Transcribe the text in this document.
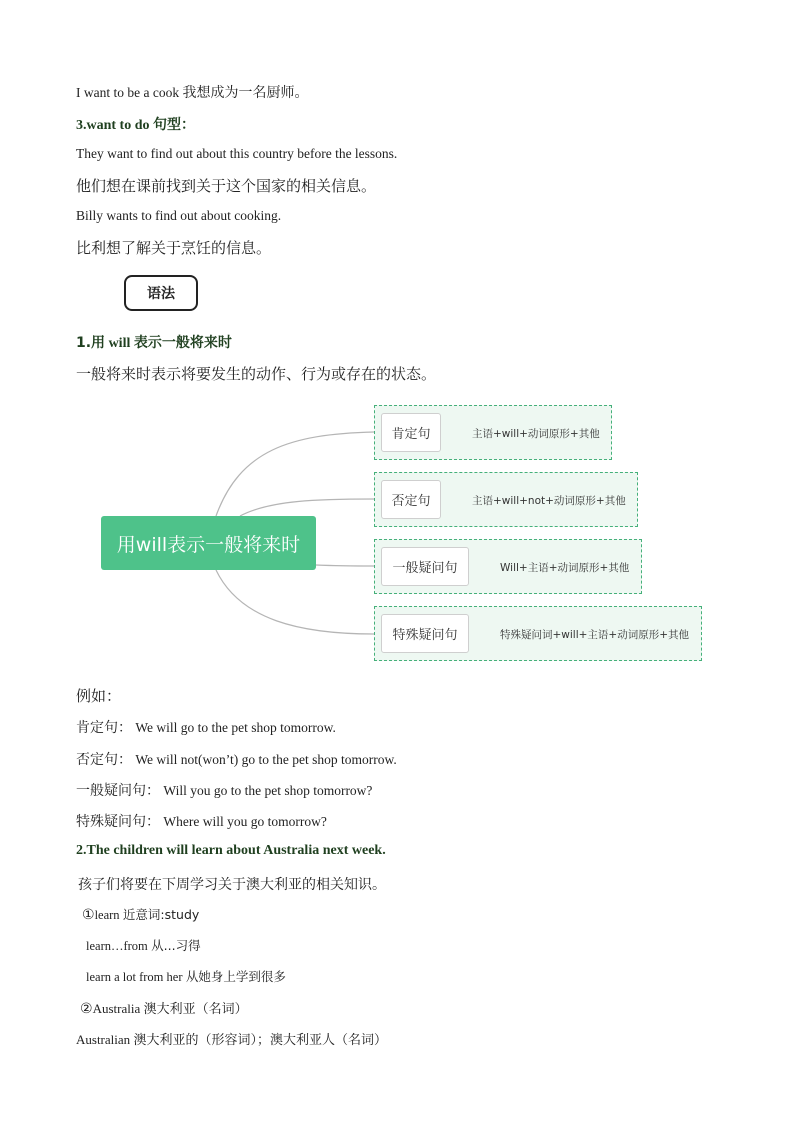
I want to be a cook 我想成为一名厨师。
3.want to do 句型：
They want to find out about this country before the lessons.
他们想在课前找到关于这个国家的相关信息。
Billy wants to find out about cooking.
比利想了解关于烹饪的信息。
语法
1.用 will 表示一般将来时
一般将来时表示将要发生的动作、行为或存在的状态。
用will表示一般将来时
肯定句	主语+will+动词原形+其他
否定句	主语+will+not+动词原形+其他
一般疑问句	Will+主语+动词原形+其他
特殊疑问句	特殊疑问词+will+主语+动词原形+其他
例如：
肯定句： We will go to the pet shop tomorrow.
否定句： We will not(won’t) go to the pet shop tomorrow.
一般疑问句： Will you go to the pet shop tomorrow?
特殊疑问句： Where will you go tomorrow?
2.The children will learn about Australia next week.
孩子们将要在下周学习关于澳大利亚的相关知识。
①learn 近意词:study
learn…from 从...习得
learn a lot from her 从她身上学到很多
②Australia 澳大利亚（名词）
Australian 澳大利亚的（形容词）；澳大利亚人（名词）
